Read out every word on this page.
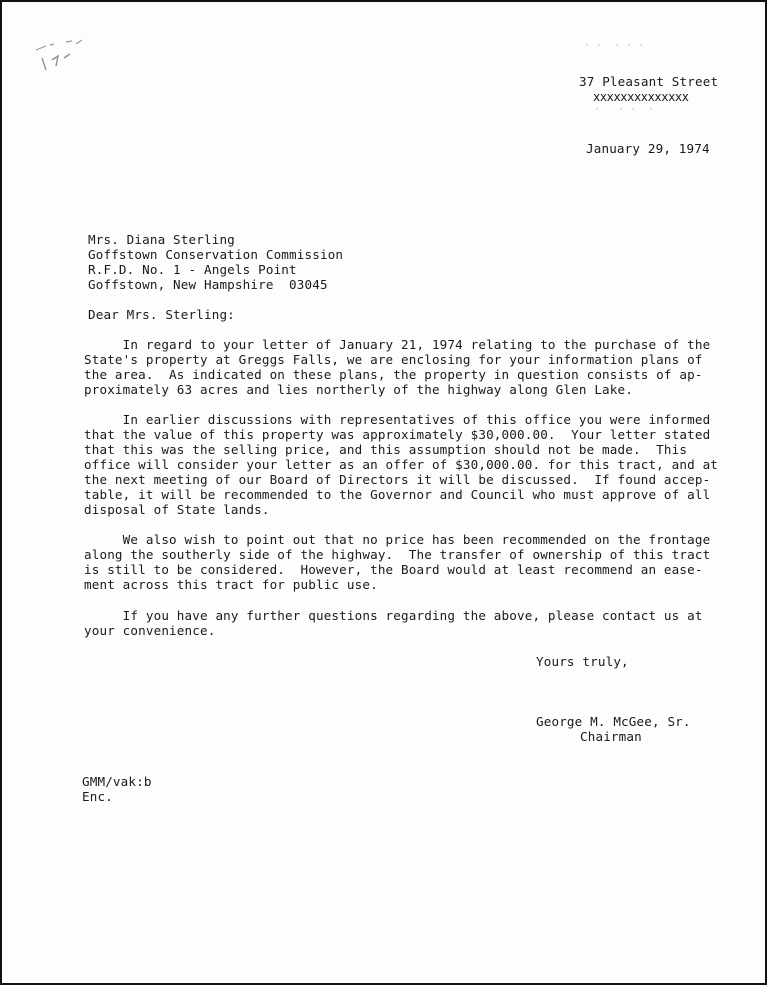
· ·  · · ·
·   · ·  ·
37 Pleasant Street
xxxxxxxxxxxxxx
January 29, 1974
Mrs. Diana Sterling
Goffstown Conservation Commission
R.F.D. No. 1 - Angels Point
Goffstown, New Hampshire  03045
Dear Mrs. Sterling:
In regard to your letter of January 21, 1974 relating to the purchase of the
State's property at Greggs Falls, we are enclosing for your information plans of
the area.  As indicated on these plans, the property in question consists of ap-
proximately 63 acres and lies northerly of the highway along Glen Lake.
In earlier discussions with representatives of this office you were informed
that the value of this property was approximately $30,000.00.  Your letter stated
that this was the selling price, and this assumption should not be made.  This
office will consider your letter as an offer of $30,000.00. for this tract, and at
the next meeting of our Board of Directors it will be discussed.  If found accep-
table, it will be recommended to the Governor and Council who must approve of all
disposal of State lands.
We also wish to point out that no price has been recommended on the frontage
along the southerly side of the highway.  The transfer of ownership of this tract
is still to be considered.  However, the Board would at least recommend an ease-
ment across this tract for public use.
If you have any further questions regarding the above, please contact us at
your convenience.
Yours truly,
George M. McGee, Sr.
Chairman
GMM/vak:b
Enc.
